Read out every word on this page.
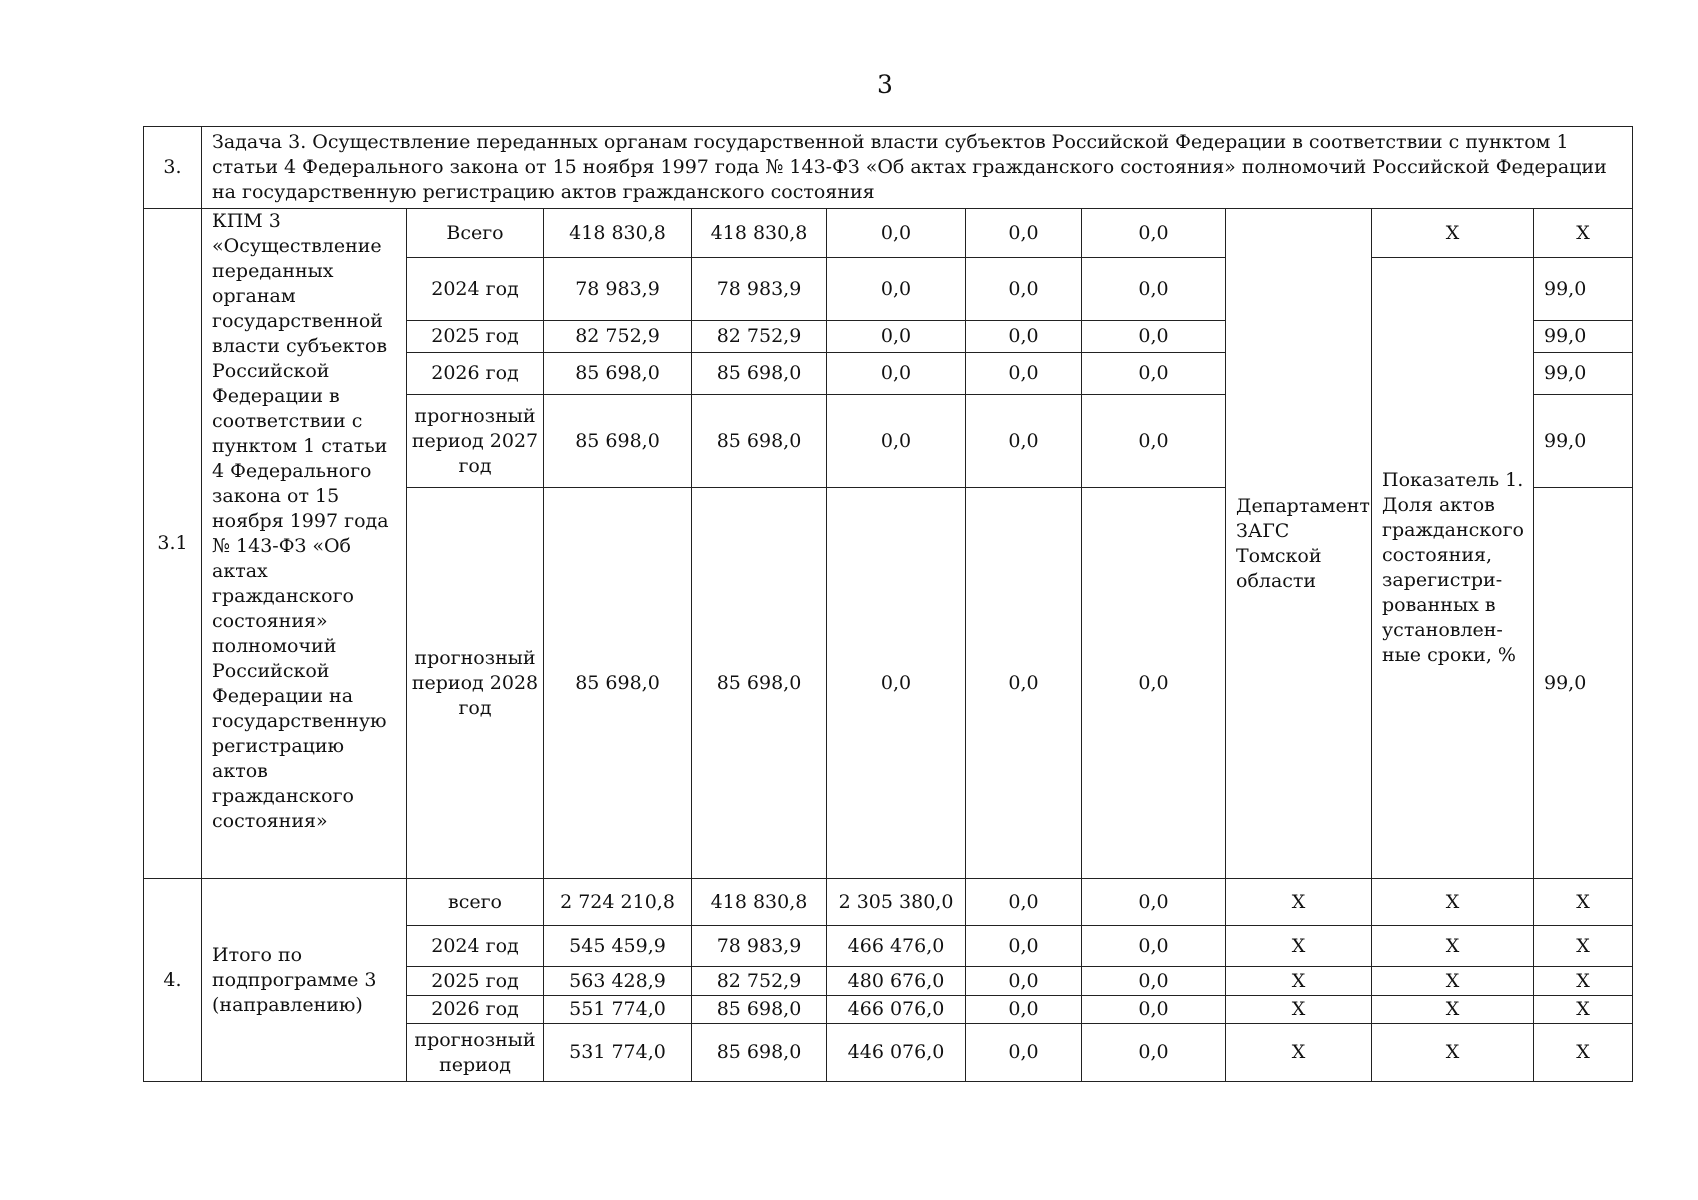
3
3.	Задача 3. Осуществление переданных органам государственной власти субъектов Российской Федерации в соответствии с пунктом 1 статьи 4 Федерального закона от 15 ноября 1997 года № 143-ФЗ «Об актах гражданского состояния» полномочий Российской Федерации на государственную регистрацию актов гражданского состояния									
3.1	КПМ 3 «Осуществление переданных органам государственной власти субъектов Российской Федерации в соответствии с пунктом 1 статьи 4 Федерального закона от 15 ноября 1997 года № 143-ФЗ «Об актах гражданского состояния» полномочий Российской Федерации на государственную регистрацию актов гражданского состояния»	Всего	418 830,8	418 830,8	0,0	0,0	0,0	Департамент ЗАГС Томской области	X	X
		2024 год	78 983,9	78 983,9	0,0	0,0	0,0		Показатель 1. Доля актов гражданского состояния, зарегистри-рованных в установлен-ные сроки, %	99,0
		2025 год	82 752,9	82 752,9	0,0	0,0	0,0			99,0
		2026 год	85 698,0	85 698,0	0,0	0,0	0,0			99,0
		прогнозный период 2027 год	85 698,0	85 698,0	0,0	0,0	0,0			99,0
		прогнозный период 2028 год	85 698,0	85 698,0	0,0	0,0	0,0			99,0
4.	Итого по подпрограмме 3 (направлению)	всего	2 724 210,8	418 830,8	2 305 380,0	0,0	0,0	X	X	X
		2024 год	545 459,9	78 983,9	466 476,0	0,0	0,0	X	X	X
		2025 год	563 428,9	82 752,9	480 676,0	0,0	0,0	X	X	X
		2026 год	551 774,0	85 698,0	466 076,0	0,0	0,0	X	X	X
		прогнозный период	531 774,0	85 698,0	446 076,0	0,0	0,0	X	X	X
